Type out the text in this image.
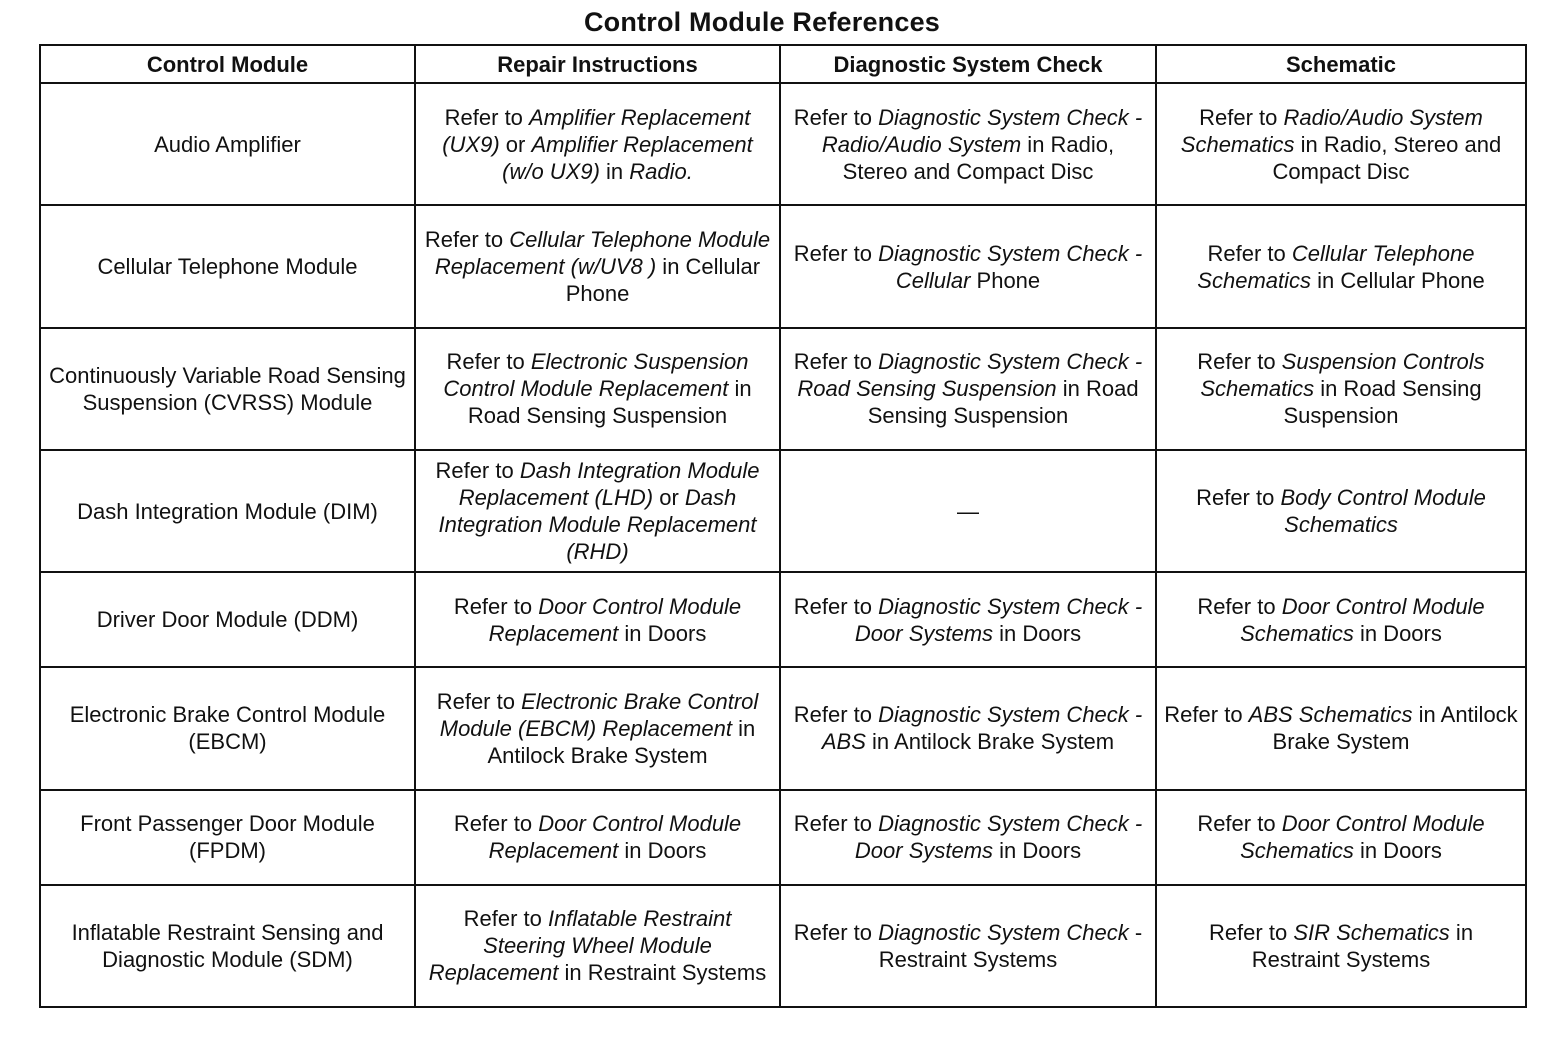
Control Module References
Control Module	Repair Instructions	Diagnostic System Check	Schematic
Audio Amplifier	Refer to Amplifier Replacement (UX9) or Amplifier Replacement (w/o UX9) in Radio.	Refer to Diagnostic System Check - Radio/Audio System in Radio, Stereo and Compact Disc	Refer to Radio/Audio System Schematics in Radio, Stereo and Compact Disc
Cellular Telephone Module	Refer to Cellular Telephone Module Replacement (w/UV8 ) in Cellular Phone	Refer to Diagnostic System Check - Cellular Phone	Refer to Cellular Telephone Schematics in Cellular Phone
Continuously Variable Road Sensing Suspension (CVRSS) Module	Refer to Electronic Suspension Control Module Replacement in Road Sensing Suspension	Refer to Diagnostic System Check - Road Sensing Suspension in Road Sensing Suspension	Refer to Suspension Controls Schematics in Road Sensing Suspension
Dash Integration Module (DIM)	Refer to Dash Integration Module Replacement (LHD) or Dash Integration Module Replacement (RHD)	—	Refer to Body Control Module Schematics
Driver Door Module (DDM)	Refer to Door Control Module Replacement in Doors	Refer to Diagnostic System Check - Door Systems in Doors	Refer to Door Control Module Schematics in Doors
Electronic Brake Control Module (EBCM)	Refer to Electronic Brake Control Module (EBCM) Replacement in Antilock Brake System	Refer to Diagnostic System Check - ABS in Antilock Brake System	Refer to ABS Schematics in Antilock Brake System
Front Passenger Door Module (FPDM)	Refer to Door Control Module Replacement in Doors	Refer to Diagnostic System Check - Door Systems in Doors	Refer to Door Control Module Schematics in Doors
Inflatable Restraint Sensing and Diagnostic Module (SDM)	Refer to Inflatable Restraint Steering Wheel Module Replacement in Restraint Systems	Refer to Diagnostic System Check - Restraint Systems	Refer to SIR Schematics in Restraint Systems
